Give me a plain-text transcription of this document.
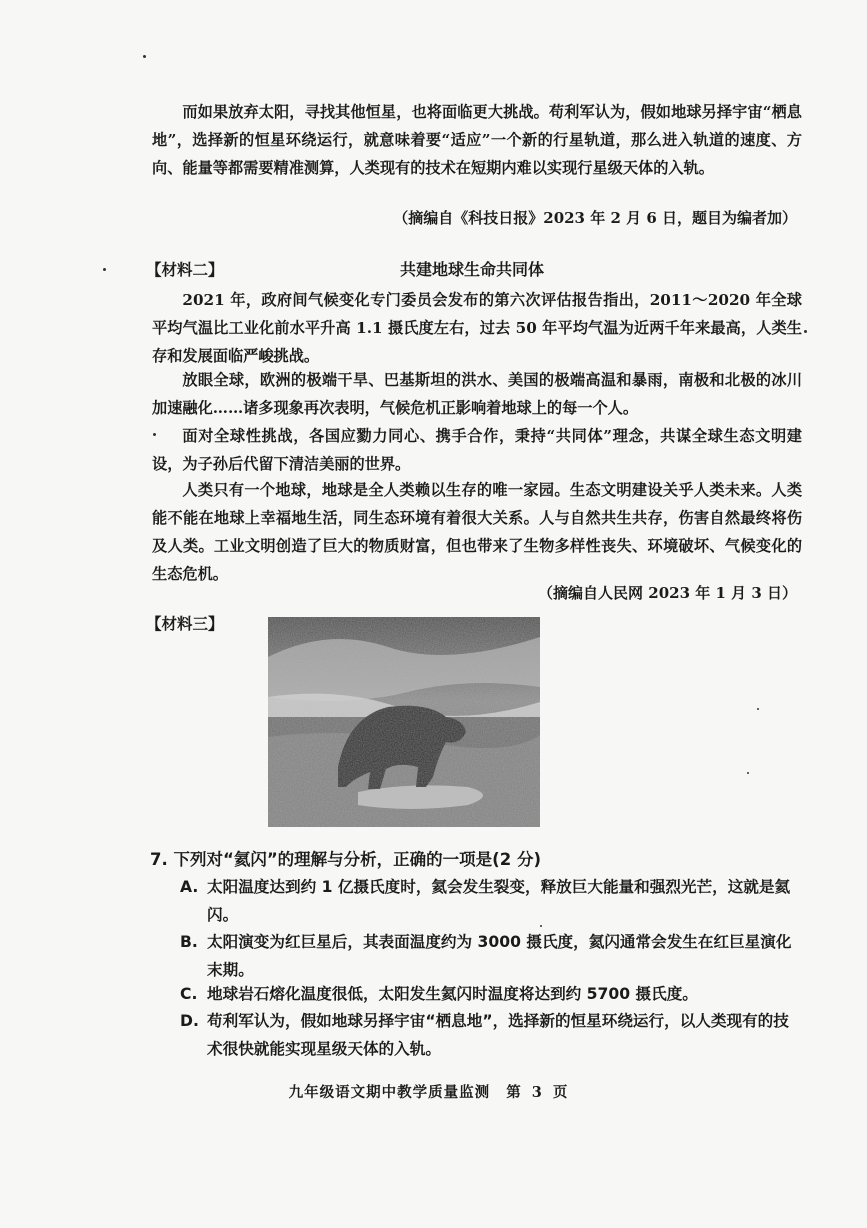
而如果放弃太阳，寻找其他恒星，也将面临更大挑战。苟利军认为，假如地球另择宇宙“栖息地”，选择新的恒星环绕运行，就意味着要“适应”一个新的行星轨道，那么进入轨道的速度、方向、能量等都需要精准测算，人类现有的技术在短期内难以实现行星级天体的入轨。
（摘编自《科技日报》2023 年 2 月 6 日，题目为编者加）
【材料二】	共建地球生命共同体
2021 年，政府间气候变化专门委员会发布的第六次评估报告指出，2011～2020 年全球平均气温比工业化前水平升高 1.1 摄氏度左右，过去 50 年平均气温为近两千年来最高，人类生存和发展面临严峻挑战。
放眼全球，欧洲的极端干旱、巴基斯坦的洪水、美国的极端高温和暴雨，南极和北极的冰川加速融化……诸多现象再次表明，气候危机正影响着地球上的每一个人。
面对全球性挑战，各国应勠力同心、携手合作，秉持“共同体”理念，共谋全球生态文明建设，为子孙后代留下清洁美丽的世界。
人类只有一个地球，地球是全人类赖以生存的唯一家园。生态文明建设关乎人类未来。人类能不能在地球上幸福地生活，同生态环境有着很大关系。人与自然共生共存，伤害自然最终将伤及人类。工业文明创造了巨大的物质财富，但也带来了生物多样性丧失、环境破坏、气候变化的生态危机。
（摘编自人民网 2023 年 1 月 3 日）
【材料三】
7. 下列对“氦闪”的理解与分析，正确的一项是(2 分)
A. 太阳温度达到约 1 亿摄氏度时，氦会发生裂变，释放巨大能量和强烈光芒，这就是氦闪。
B. 太阳演变为红巨星后，其表面温度约为 3000 摄氏度，氦闪通常会发生在红巨星演化末期。
C. 地球岩石熔化温度很低，太阳发生氦闪时温度将达到约 5700 摄氏度。
D. 苟利军认为，假如地球另择宇宙“栖息地”，选择新的恒星环绕运行，以人类现有的技术很快就能实现星级天体的入轨。
九年级语文期中教学质量监测 第 3 页
